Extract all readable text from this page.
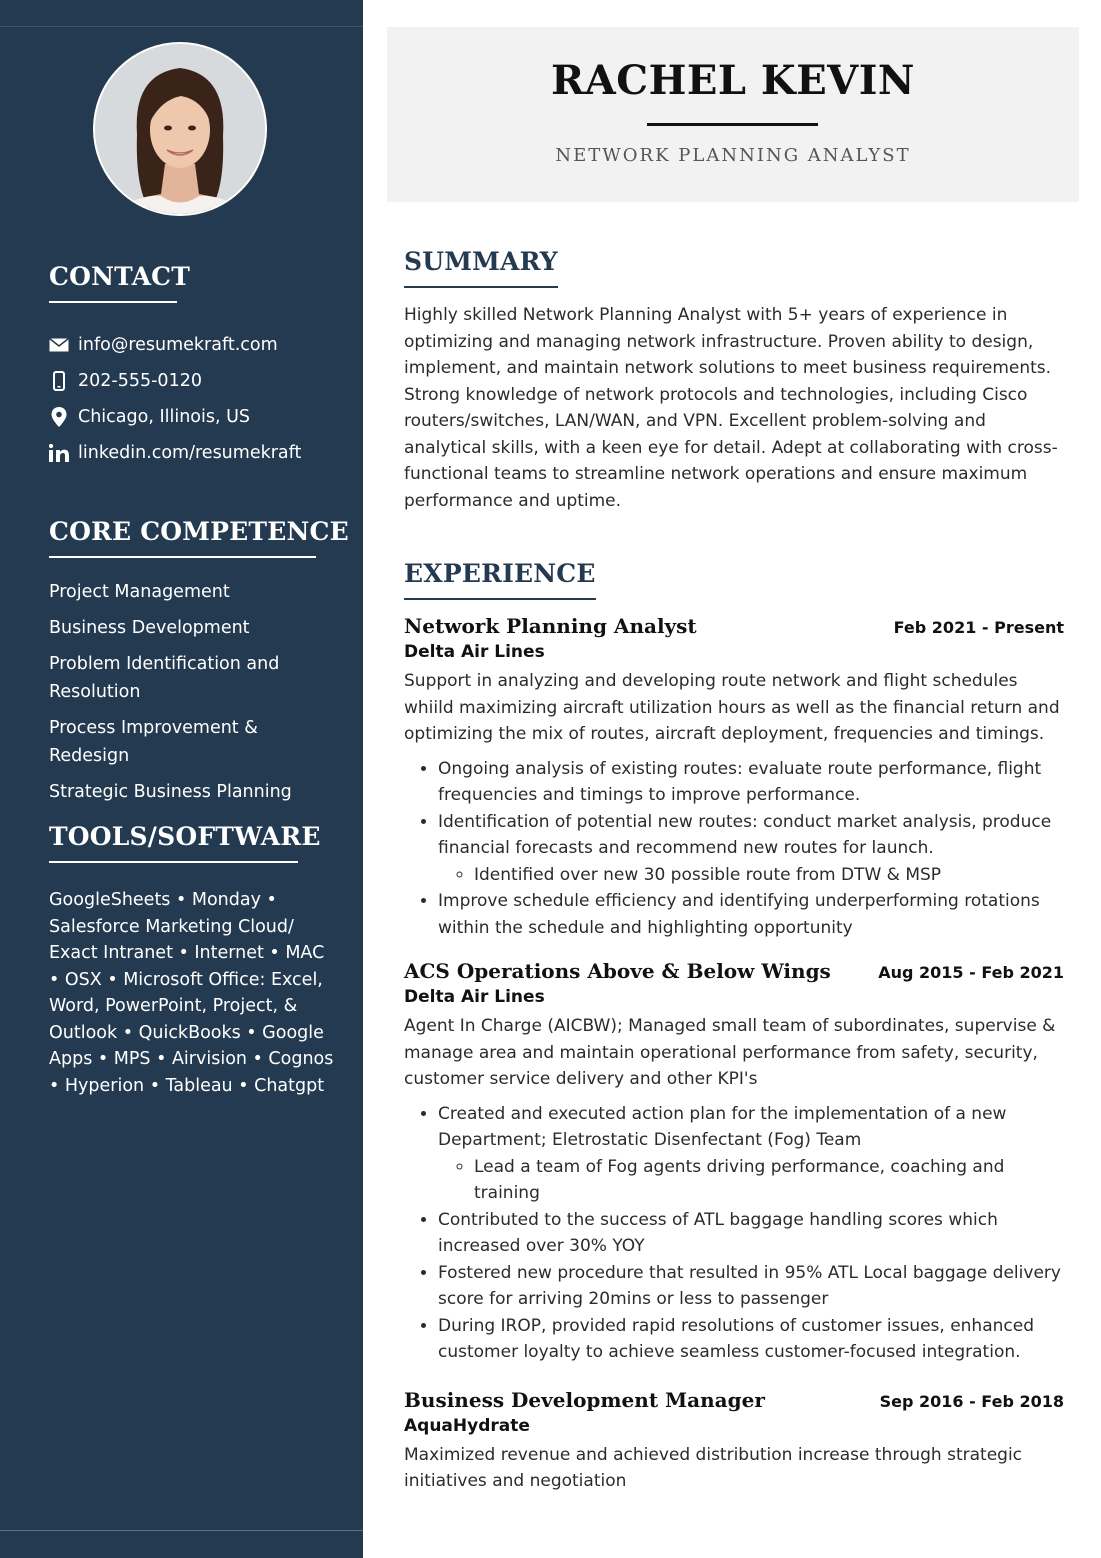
CONTACT
info@resumekraft.com
202-555-0120
Chicago, Illinois, US
linkedin.com/resumekraft
CORE COMPETENCE
Project Management
Business Development
Problem Identification and Resolution
Process Improvement & Redesign
Strategic Business Planning
TOOLS/SOFTWARE
GoogleSheets • Monday • Salesforce Marketing Cloud/ Exact Intranet • Internet • MAC • OSX • Microsoft Office: Excel, Word, PowerPoint, Project, & Outlook • QuickBooks • Google Apps • MPS • Airvision • Cognos • Hyperion • Tableau • Chatgpt
RACHEL KEVIN

NETWORK PLANNING ANALYST

SUMMARY

Highly skilled Network Planning Analyst with 5+ years of experience in optimizing and managing network infrastructure. Proven ability to design, implement, and maintain network solutions to meet business requirements. Strong knowledge of network protocols and technologies, including Cisco routers/switches, LAN/WAN, and VPN. Excellent problem-solving and analytical skills, with a keen eye for detail. Adept at collaborating with cross-functional teams to streamline network operations and ensure maximum performance and uptime.

EXPERIENCE
Network Planning Analyst	Feb 2021 - Present
Delta Air Lines

Support in analyzing and developing route network and flight schedules whiild maximizing aircraft utilization hours as well as the financial return and optimizing the mix of routes, aircraft deployment, frequencies and timings.

• Ongoing analysis of existing routes: evaluate route performance, flight frequencies and timings to improve performance.
• Identification of potential new routes: conduct market analysis, produce financial forecasts and recommend new routes for launch.
◦ Identified over new 30 possible route from DTW & MSP
• Improve schedule efficiency and identifying underperforming rotations within the schedule and highlighting opportunity
ACS Operations Above & Below Wings	Aug 2015 - Feb 2021
Delta Air Lines

Agent In Charge (AICBW); Managed small team of subordinates, supervise & manage area and maintain operational performance from safety, security, customer service delivery and other KPI's

• Created and executed action plan for the implementation of a new Department; Eletrostatic Disenfectant (Fog) Team
◦ Lead a team of Fog agents driving performance, coaching and training
• Contributed to the success of ATL baggage handling scores which increased over 30% YOY
• Fostered new procedure that resulted in 95% ATL Local baggage delivery score for arriving 20mins or less to passenger
• During IROP, provided rapid resolutions of customer issues, enhanced customer loyalty to achieve seamless customer-focused integration.
Business Development Manager	Sep 2016 - Feb 2018
AquaHydrate

Maximized revenue and achieved distribution increase through strategic initiatives and negotiation
